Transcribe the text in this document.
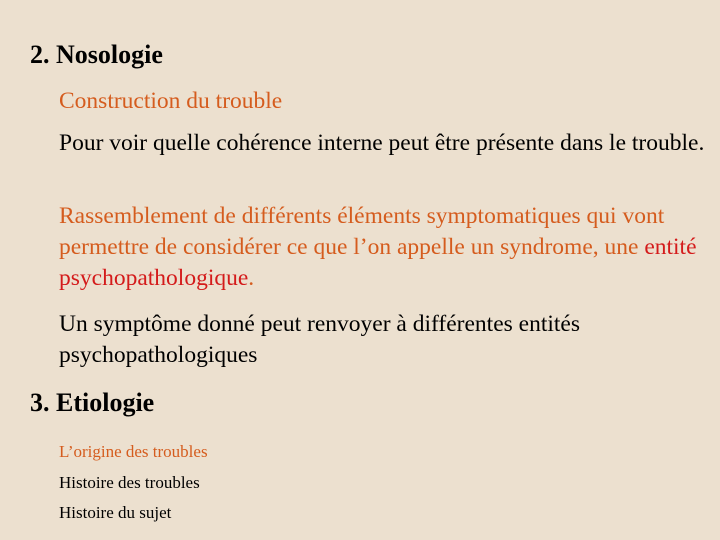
2. Nosologie

Construction du trouble

Pour voir quelle cohérence interne peut être présente dans le trouble.

Rassemblement de différents éléments symptomatiques qui vont permettre de considérer ce que l’on appelle un syndrome, une entité psychopathologique.

Un symptôme donné peut renvoyer à différentes entités psychopathologiques

3. Etiologie

L’origine des troubles

Histoire des troubles

Histoire du sujet
